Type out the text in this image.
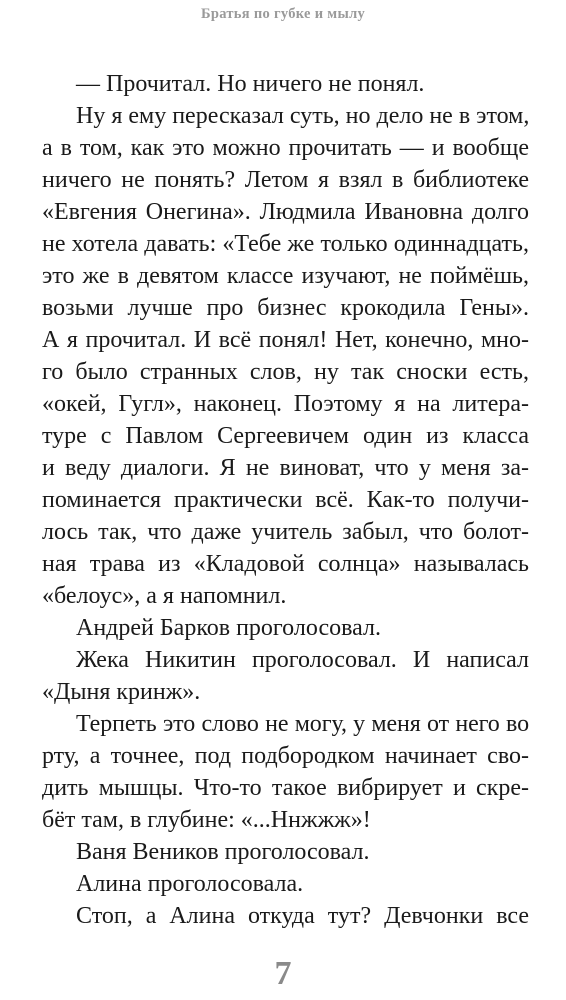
Братья по губке и мылу
— Прочитал. Но ничего не понял.
Ну я ему пересказал суть, но дело не в этом,
а в том, как это можно прочитать — и вообще
ничего не понять? Летом я взял в библиотеке
«Евгения Онегина». Людмила Ивановна долго
не хотела давать: «Тебе же только одиннадцать,
это же в девятом классе изучают, не поймёшь,
возьми лучше про бизнес крокодила Гены».
А я прочитал. И всё понял! Нет, конечно, мно-
го было странных слов, ну так сноски есть,
«окей, Гугл», наконец. Поэтому я на литера-
туре с Павлом Сергеевичем один из класса
и веду диалоги. Я не виноват, что у меня за-
поминается практически всё. Как-то получи-
лось так, что даже учитель забыл, что болот-
ная трава из «Кладовой солнца» называлась
«белоус», а я напомнил.
Андрей Барков проголосовал.
Жека Никитин проголосовал. И написал
«Дыня кринж».
Терпеть это слово не могу, у меня от него во
рту, а точнее, под подбородком начинает сво-
дить мышцы. Что-то такое вибрирует и скре-
бёт там, в глубине: «...Ннжжж»!
Ваня Веников проголосовал.
Алина проголосовала.
Стоп, а Алина откуда тут? Девчонки все
7
